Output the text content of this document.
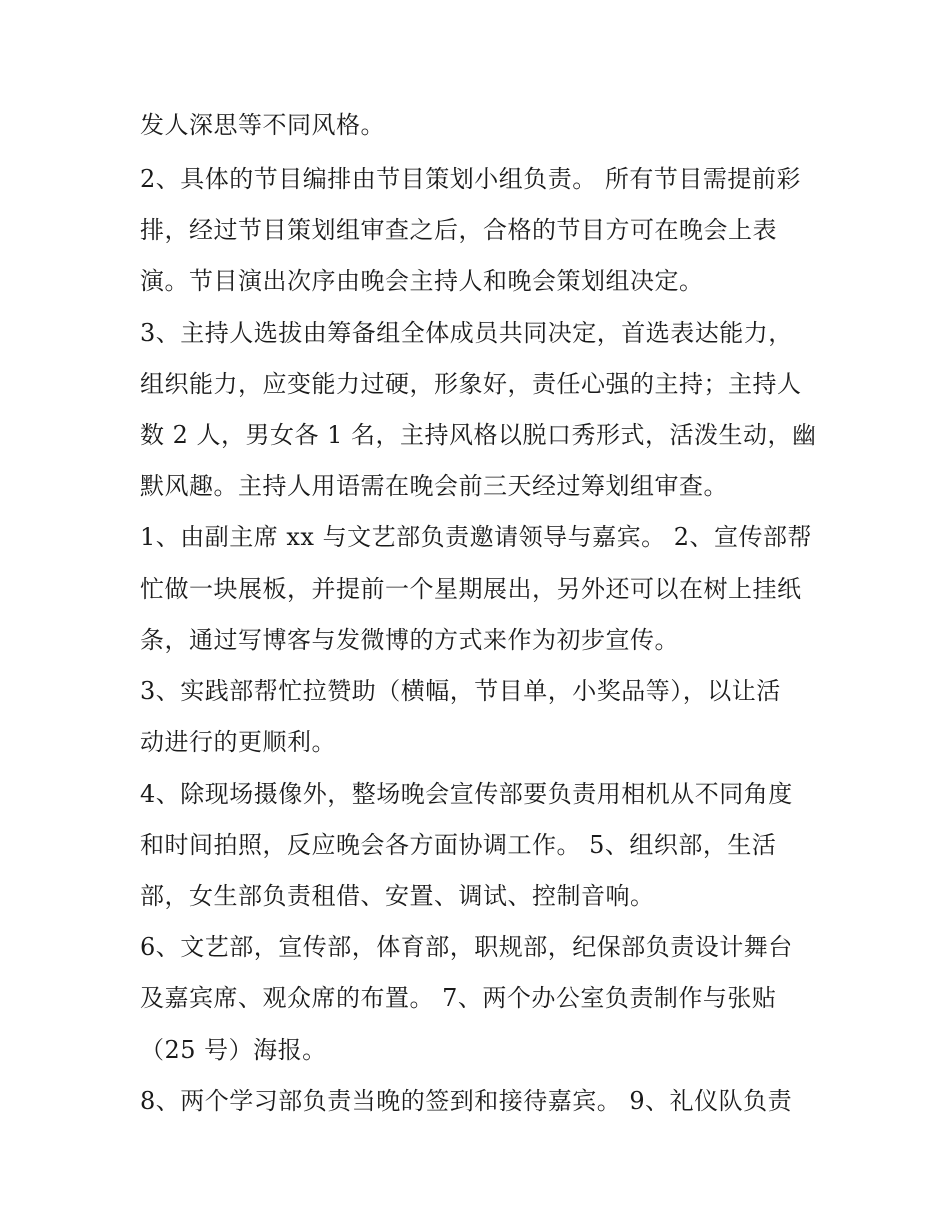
发人深思等不同风格。
2、具体的节目编排由节目策划小组负责。 所有节目需提前彩
排，经过节目策划组审查之后，合格的节目方可在晚会上表
演。节目演出次序由晚会主持人和晚会策划组决定。
3、主持人选拔由筹备组全体成员共同决定，首选表达能力，
组织能力，应变能力过硬，形象好，责任心强的主持；主持人
数 2 人，男女各 1 名，主持风格以脱口秀形式，活泼生动，幽
默风趣。主持人用语需在晚会前三天经过筹划组审查。
1、由副主席 xx 与文艺部负责邀请领导与嘉宾。 2、宣传部帮
忙做一块展板，并提前一个星期展出，另外还可以在树上挂纸
条，通过写博客与发微博的方式来作为初步宣传。
3、实践部帮忙拉赞助（横幅，节目单，小奖品等），以让活
动进行的更顺利。
4、除现场摄像外，整场晚会宣传部要负责用相机从不同角度
和时间拍照，反应晚会各方面协调工作。 5、组织部，生活
部，女生部负责租借、安置、调试、控制音响。
6、文艺部，宣传部，体育部，职规部，纪保部负责设计舞台
及嘉宾席、观众席的布置。 7、两个办公室负责制作与张贴
（25 号）海报。
8、两个学习部负责当晚的签到和接待嘉宾。 9、礼仪队负责
